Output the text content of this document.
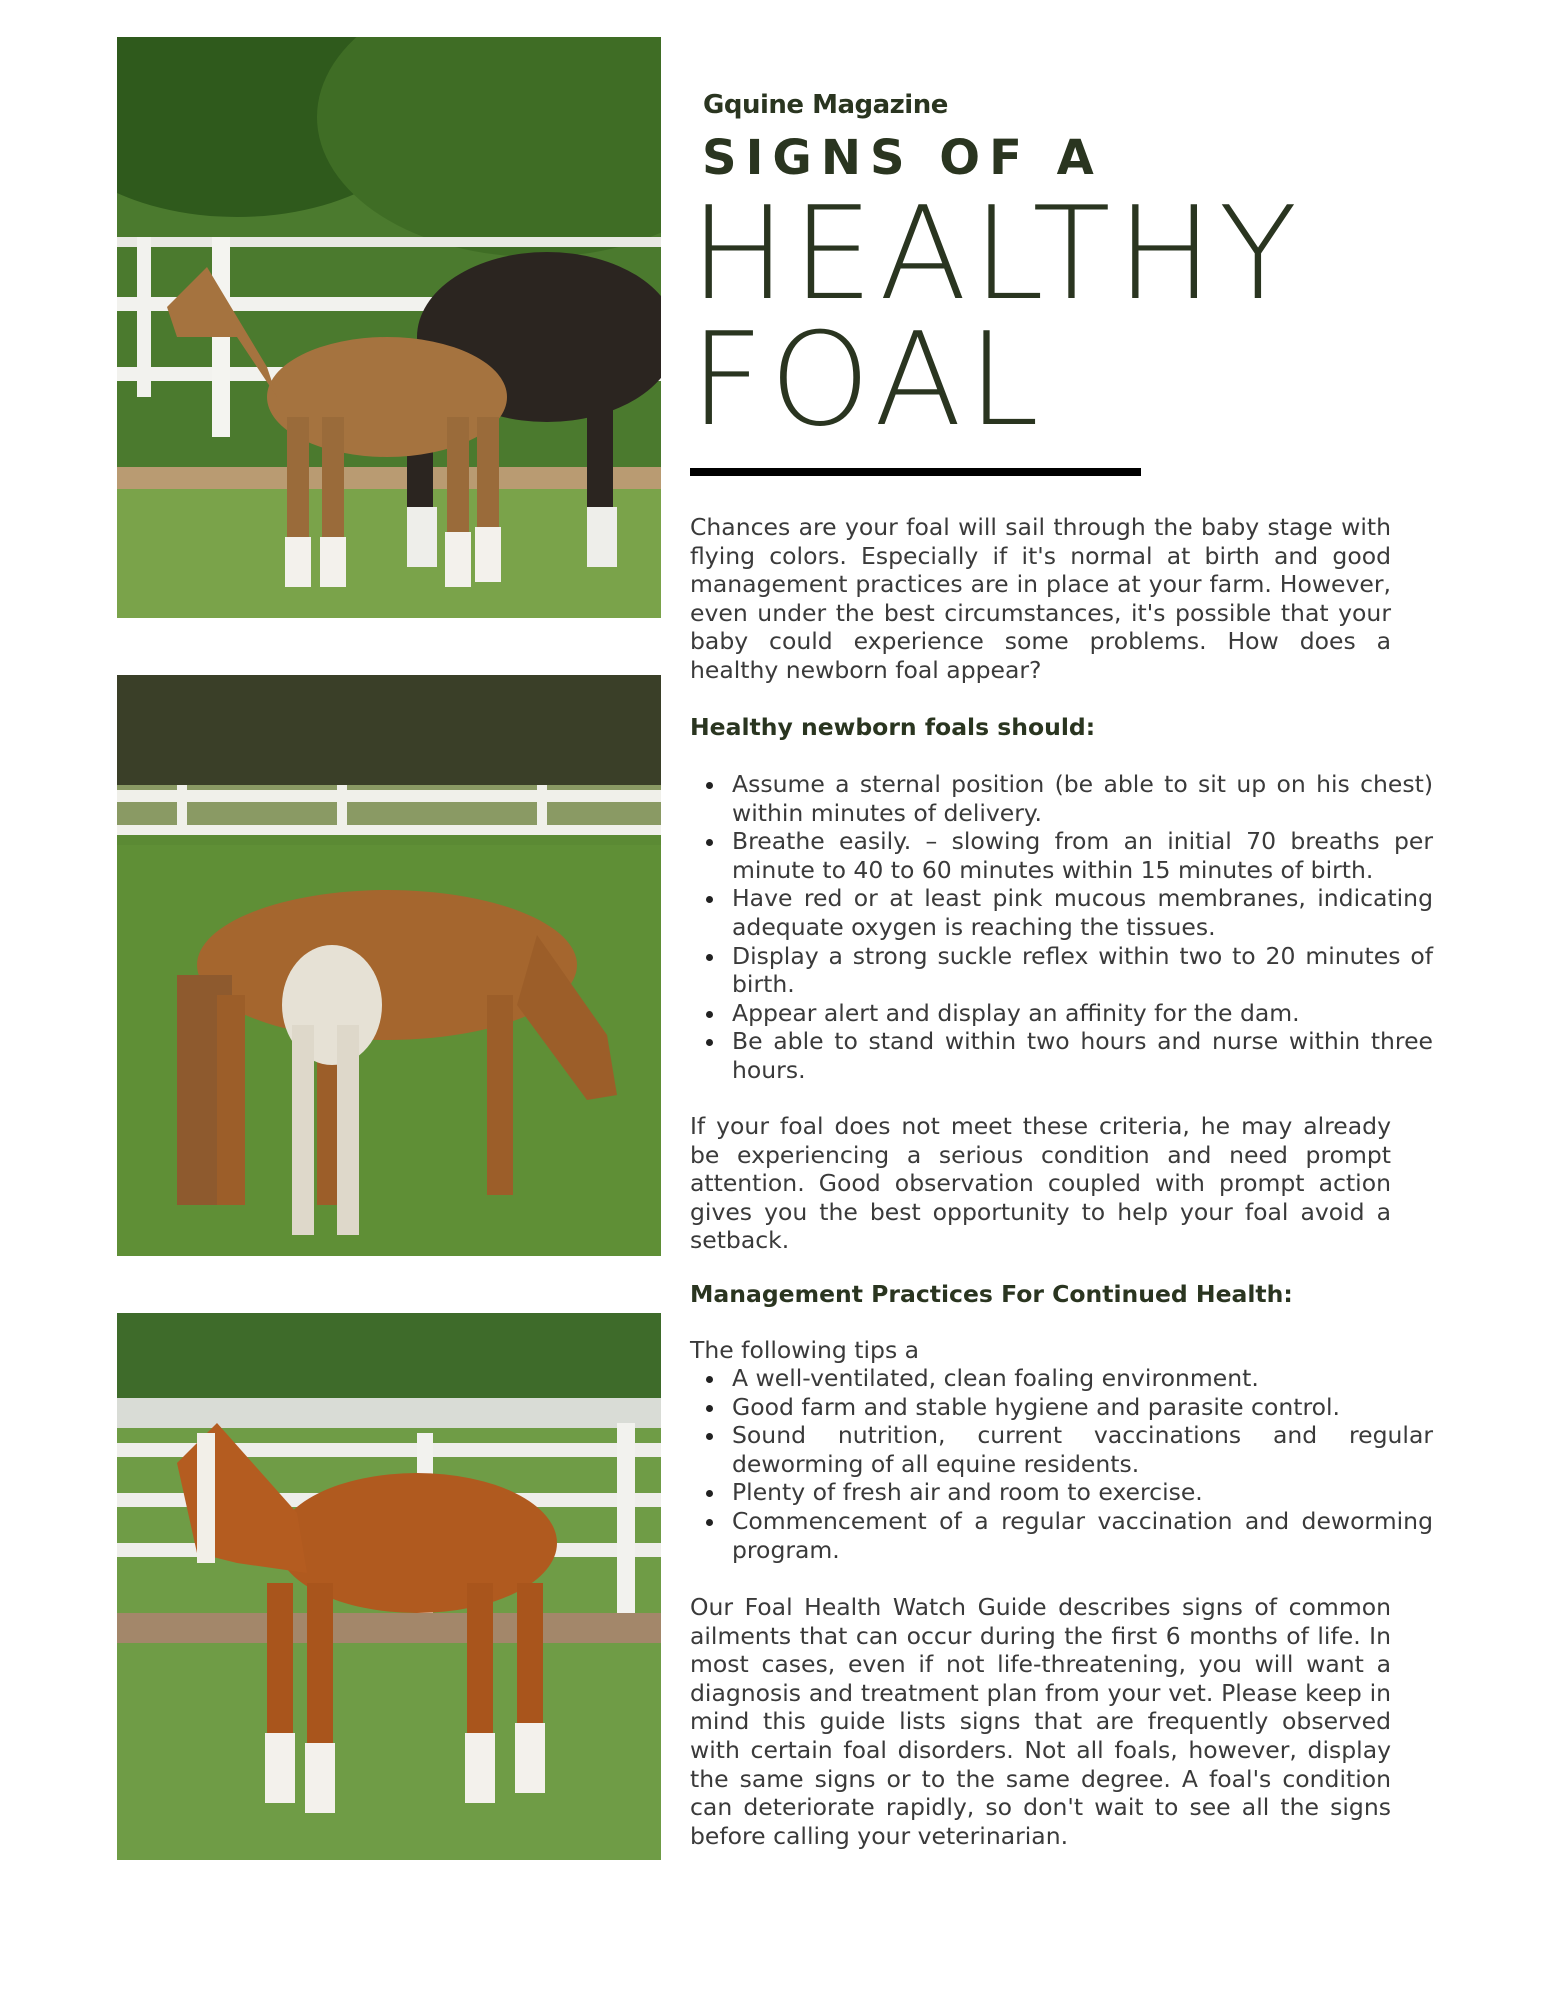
Gquine Magazine
SIGNS OF A
HEALTHY
FOAL

Chances are your foal will sail through the baby stage with flying colors. Especially if it's normal at birth and good management practices are in place at your farm. However, even under the best circumstances, it's possible that your baby could experience some problems. How does a healthy newborn foal appear?

Healthy newborn foals should:

Assume a sternal position (be able to sit up on his chest) within minutes of delivery.
Breathe easily. – slowing from an initial 70 breaths per minute to 40 to 60 minutes within 15 minutes of birth.
Have red or at least pink mucous membranes, indicating adequate oxygen is reaching the tissues.
Display a strong suckle reflex within two to 20 minutes of birth.
Appear alert and display an affinity for the dam.
Be able to stand within two hours and nurse within three hours.

If your foal does not meet these criteria, he may already be experiencing a serious condition and need prompt attention. Good observation coupled with prompt action gives you the best opportunity to help your foal avoid a setback.

Management Practices For Continued Health:

The following tips a

A well-ventilated, clean foaling environment.
Good farm and stable hygiene and parasite control.
Sound nutrition, current vaccinations and regular deworming of all equine residents.
Plenty of fresh air and room to exercise.
Commencement of a regular vaccination and deworming program.

Our Foal Health Watch Guide describes signs of common ailments that can occur during the first 6 months of life. In most cases, even if not life-threatening, you will want a diagnosis and treatment plan from your vet. Please keep in mind this guide lists signs that are frequently observed with certain foal disorders. Not all foals, however, display the same signs or to the same degree. A foal's condition can deteriorate rapidly, so don't wait to see all the signs before calling your veterinarian.
